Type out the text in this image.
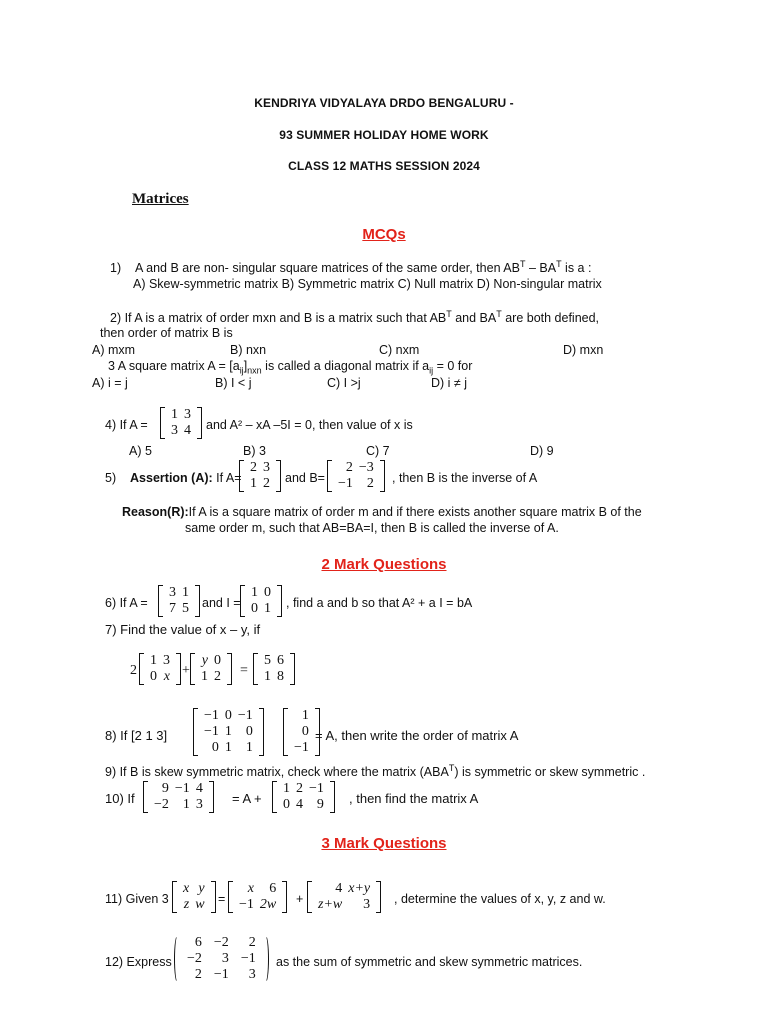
KENDRIYA VIDYALAYA DRDO BENGALURU -
93 SUMMER HOLIDAY HOME WORK
CLASS 12 MATHS SESSION 2024
Matrices
MCQs
1) A and B are non- singular square matrices of the same order, then $AB^T - BA^T$ is a :
A) Skew-symmetric matrix B) Symmetric matrix C) Null matrix D) Non-singular matrix
2) If A is a matrix of order mxn and B is a matrix such that $AB^T$ and $BA^T$ are both defined,
then order of matrix B is
A) mxm	B) nxn	C) nxm	D) mxn
3 A square matrix $A = [a_{ij}]_{nxn}$ is called a diagonal matrix if $a_{ij} = 0$ for
A) i = j	B) I < j	C) I >j	D) i ≠ j
4) If A =
1 3
3 4 and A² – xA –5I = 0, then value of x is
A) 5	B) 3	C) 7	D) 9
5) Assertion (A): If A=
2 3
1 2 and B=
2 −3
−1 2 , then B is the inverse of A
Reason(R):If A is a square matrix of order m and if there exists another square matrix B of the
same order m, such that AB=BA=I, then B is called the inverse of A.
2 Mark Questions
6) If A =
3 1
7 5 and I =
1 0
0 1 , find a and b so that A² + a I = bA
7) Find the value of x – y, if
2
1 3
0 x +
y 0
1 2 =
5 6
1 8
8) If [2 1 3]
−1 0 −1
−1 1 0
0 1 1
1
0
−1
= A, then write the order of matrix A
9) If B is skew symmetric matrix, check where the matrix $(ABA^T)$ is symmetric or skew symmetric .
10) If
9 −1 4
−2 1 3 = A +
1 2 −1
0 4 9 , then find the matrix A
3 Mark Questions
11) Given 3
x y
z w =
x	6
−1 2w +
4 x+y
z+w	3 , determine the values of x, y, z and w.
12) Express
6 −2	2
−2	3 −1
2 −1	3
as the sum of symmetric and skew symmetric matrices.
